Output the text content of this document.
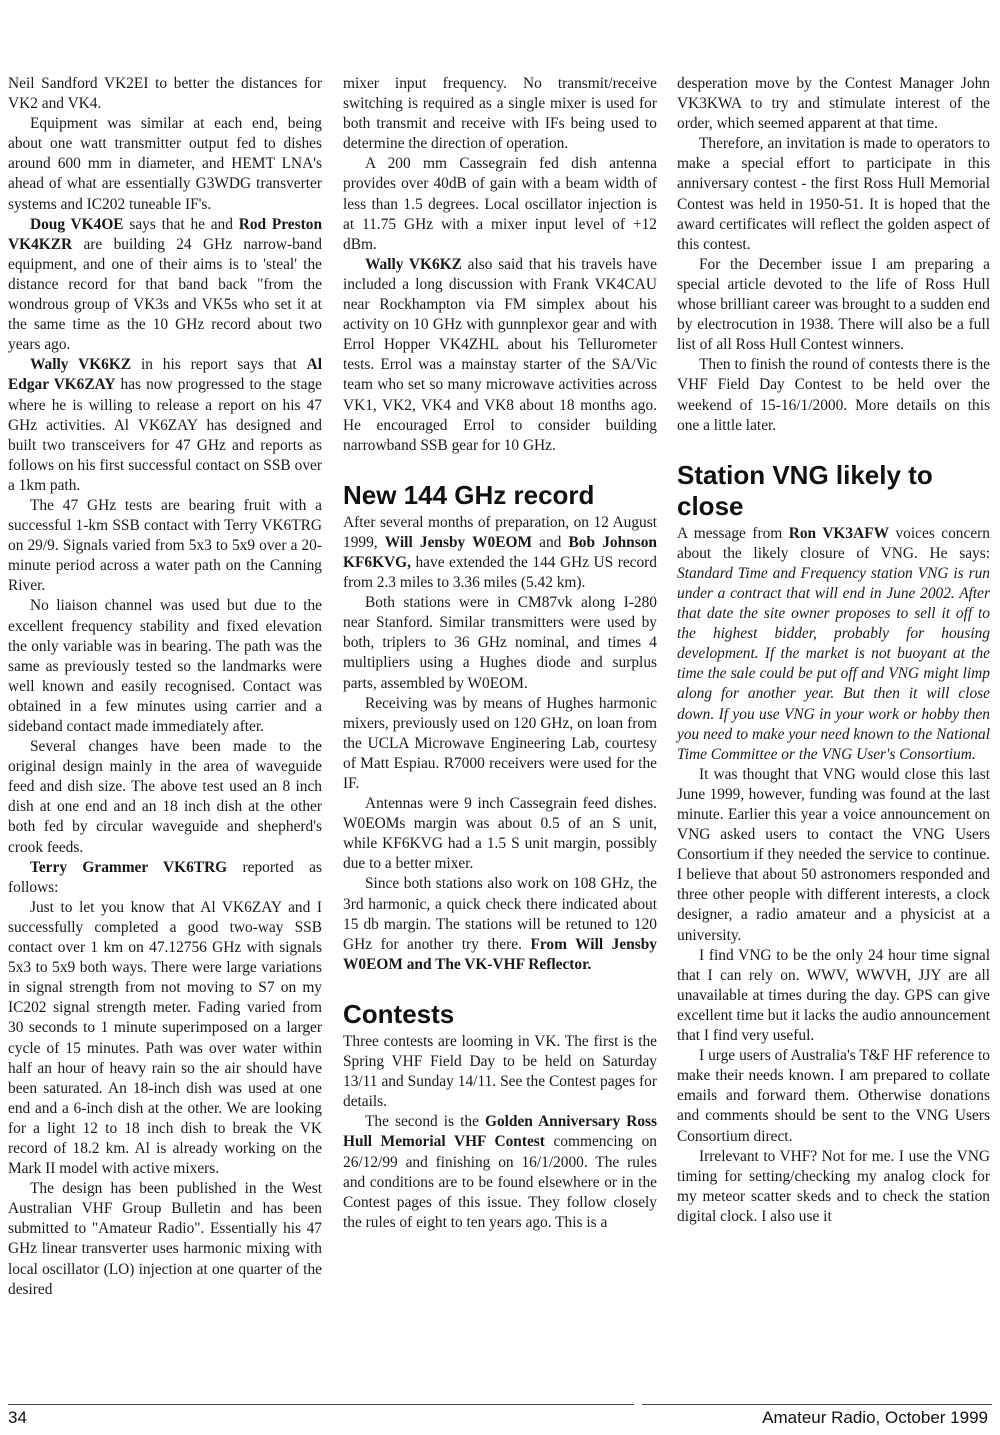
Neil Sandford VK2EI to better the distances for VK2 and VK4.

Equipment was similar at each end, being about one watt transmitter output fed to dishes around 600 mm in diameter, and HEMT LNA's ahead of what are essentially G3WDG transverter systems and IC202 tuneable IF's.

Doug VK4OE says that he and Rod Preston VK4KZR are building 24 GHz narrow-band equipment, and one of their aims is to 'steal' the distance record for that band back "from the wondrous group of VK3s and VK5s who set it at the same time as the 10 GHz record about two years ago.

Wally VK6KZ in his report says that Al Edgar VK6ZAY has now progressed to the stage where he is willing to release a report on his 47 GHz activities. Al VK6ZAY has designed and built two transceivers for 47 GHz and reports as follows on his first successful contact on SSB over a 1km path.

The 47 GHz tests are bearing fruit with a successful 1-km SSB contact with Terry VK6TRG on 29/9. Signals varied from 5x3 to 5x9 over a 20-minute period across a water path on the Canning River.

No liaison channel was used but due to the excellent frequency stability and fixed elevation the only variable was in bearing. The path was the same as previously tested so the landmarks were well known and easily recognised. Contact was obtained in a few minutes using carrier and a sideband contact made immediately after.

Several changes have been made to the original design mainly in the area of waveguide feed and dish size. The above test used an 8 inch dish at one end and an 18 inch dish at the other both fed by circular waveguide and shepherd's crook feeds.

Terry Grammer VK6TRG reported as follows:

Just to let you know that Al VK6ZAY and I successfully completed a good two-way SSB contact over 1 km on 47.12756 GHz with signals 5x3 to 5x9 both ways. There were large variations in signal strength from not moving to S7 on my IC202 signal strength meter. Fading varied from 30 seconds to 1 minute superimposed on a larger cycle of 15 minutes. Path was over water within half an hour of heavy rain so the air should have been saturated. An 18-inch dish was used at one end and a 6-inch dish at the other. We are looking for a light 12 to 18 inch dish to break the VK record of 18.2 km. Al is already working on the Mark II model with active mixers.

The design has been published in the West Australian VHF Group Bulletin and has been submitted to "Amateur Radio". Essentially his 47 GHz linear transverter uses harmonic mixing with local oscillator (LO) injection at one quarter of the desired

mixer input frequency. No transmit/receive switching is required as a single mixer is used for both transmit and receive with IFs being used to determine the direction of operation.

A 200 mm Cassegrain fed dish antenna provides over 40dB of gain with a beam width of less than 1.5 degrees. Local oscillator injection is at 11.75 GHz with a mixer input level of +12 dBm.

Wally VK6KZ also said that his travels have included a long discussion with Frank VK4CAU near Rockhampton via FM simplex about his activity on 10 GHz with gunnplexor gear and with Errol Hopper VK4ZHL about his Tellurometer tests. Errol was a mainstay starter of the SA/Vic team who set so many microwave activities across VK1, VK2, VK4 and VK8 about 18 months ago. He encouraged Errol to consider building narrowband SSB gear for 10 GHz.

New 144 GHz record

After several months of preparation, on 12 August 1999, Will Jensby W0EOM and Bob Johnson KF6KVG, have extended the 144 GHz US record from 2.3 miles to 3.36 miles (5.42 km).

Both stations were in CM87vk along I-280 near Stanford. Similar transmitters were used by both, triplers to 36 GHz nominal, and times 4 multipliers using a Hughes diode and surplus parts, assembled by W0EOM.

Receiving was by means of Hughes harmonic mixers, previously used on 120 GHz, on loan from the UCLA Microwave Engineering Lab, courtesy of Matt Espiau. R7000 receivers were used for the IF.

Antennas were 9 inch Cassegrain feed dishes. W0EOMs margin was about 0.5 of an S unit, while KF6KVG had a 1.5 S unit margin, possibly due to a better mixer.

Since both stations also work on 108 GHz, the 3rd harmonic, a quick check there indicated about 15 db margin. The stations will be retuned to 120 GHz for another try there. From Will Jensby W0EOM and The VK-VHF Reflector.

Contests

Three contests are looming in VK. The first is the Spring VHF Field Day to be held on Saturday 13/11 and Sunday 14/11. See the Contest pages for details.

The second is the Golden Anniversary Ross Hull Memorial VHF Contest commencing on 26/12/99 and finishing on 16/1/2000. The rules and conditions are to be found elsewhere or in the Contest pages of this issue. They follow closely the rules of eight to ten years ago. This is a

desperation move by the Contest Manager John VK3KWA to try and stimulate interest of the order, which seemed apparent at that time.

Therefore, an invitation is made to operators to make a special effort to participate in this anniversary contest - the first Ross Hull Memorial Contest was held in 1950-51. It is hoped that the award certificates will reflect the golden aspect of this contest.

For the December issue I am preparing a special article devoted to the life of Ross Hull whose brilliant career was brought to a sudden end by electrocution in 1938. There will also be a full list of all Ross Hull Contest winners.

Then to finish the round of contests there is the VHF Field Day Contest to be held over the weekend of 15-16/1/2000. More details on this one a little later.

Station VNG likely to close

A message from Ron VK3AFW voices concern about the likely closure of VNG. He says: Standard Time and Frequency station VNG is run under a contract that will end in June 2002. After that date the site owner proposes to sell it off to the highest bidder, probably for housing development. If the market is not buoyant at the time the sale could be put off and VNG might limp along for another year. But then it will close down. If you use VNG in your work or hobby then you need to make your need known to the National Time Committee or the VNG User's Consortium.

It was thought that VNG would close this last June 1999, however, funding was found at the last minute. Earlier this year a voice announcement on VNG asked users to contact the VNG Users Consortium if they needed the service to continue. I believe that about 50 astronomers responded and three other people with different interests, a clock designer, a radio amateur and a physicist at a university.

I find VNG to be the only 24 hour time signal that I can rely on. WWV, WWVH, JJY are all unavailable at times during the day. GPS can give excellent time but it lacks the audio announcement that I find very useful.

I urge users of Australia's T&F HF reference to make their needs known. I am prepared to collate emails and forward them. Otherwise donations and comments should be sent to the VNG Users Consortium direct.

Irrelevant to VHF? Not for me. I use the VNG timing for setting/checking my analog clock for my meteor scatter skeds and to check the station digital clock. I also use it

34	Amateur Radio, October 1999
